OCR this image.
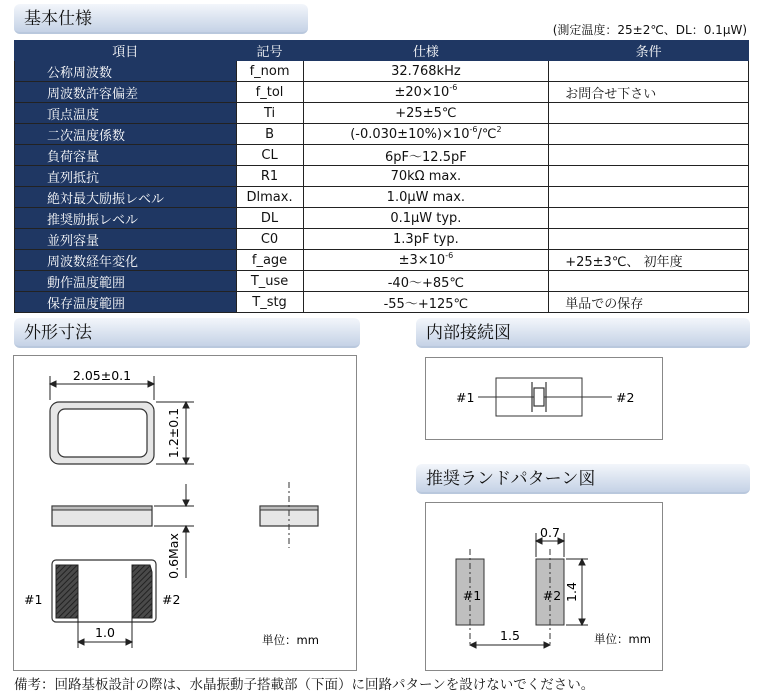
基本仕様
(測定温度：25±2℃、DL：0.1μW)
項目	記号	仕様	条件
公称周波数	f_nom	32.768kHz	
周波数許容偏差	f_tol	$\pm 20\times 10^{-6}$	お問合せ下さい
頂点温度	Ti	+25±5℃	
二次温度係数	B	$(-0.030\pm 10\%)\times 10^{-6}/℃^2$	
負荷容量	CL	6pF～12.5pF	
直列抵抗	R1	70kΩ max.	
絶対最大励振レベル	Dlmax.	1.0μW max.	
推奨励振レベル	DL	0.1μW typ.	
並列容量	C0	1.3pF typ.	
周波数経年変化	f_age	$\pm 3\times 10^{-6}$	+25±3℃、 初年度
動作温度範囲	T_use	-40～+85℃	
保存温度範囲	T_stg	-55～+125℃	単品での保存
外形寸法
2.05±0.1
1.2±0.1
0.6Max
#1	#2
1.0	単位：mm
内部接続図
#1	#2
推奨ランドパターン図
#1	#2
0.7
1.4
1.5	単位：mm
備考：回路基板設計の際は、水晶振動子搭載部（下面）に回路パターンを設けないでください。
